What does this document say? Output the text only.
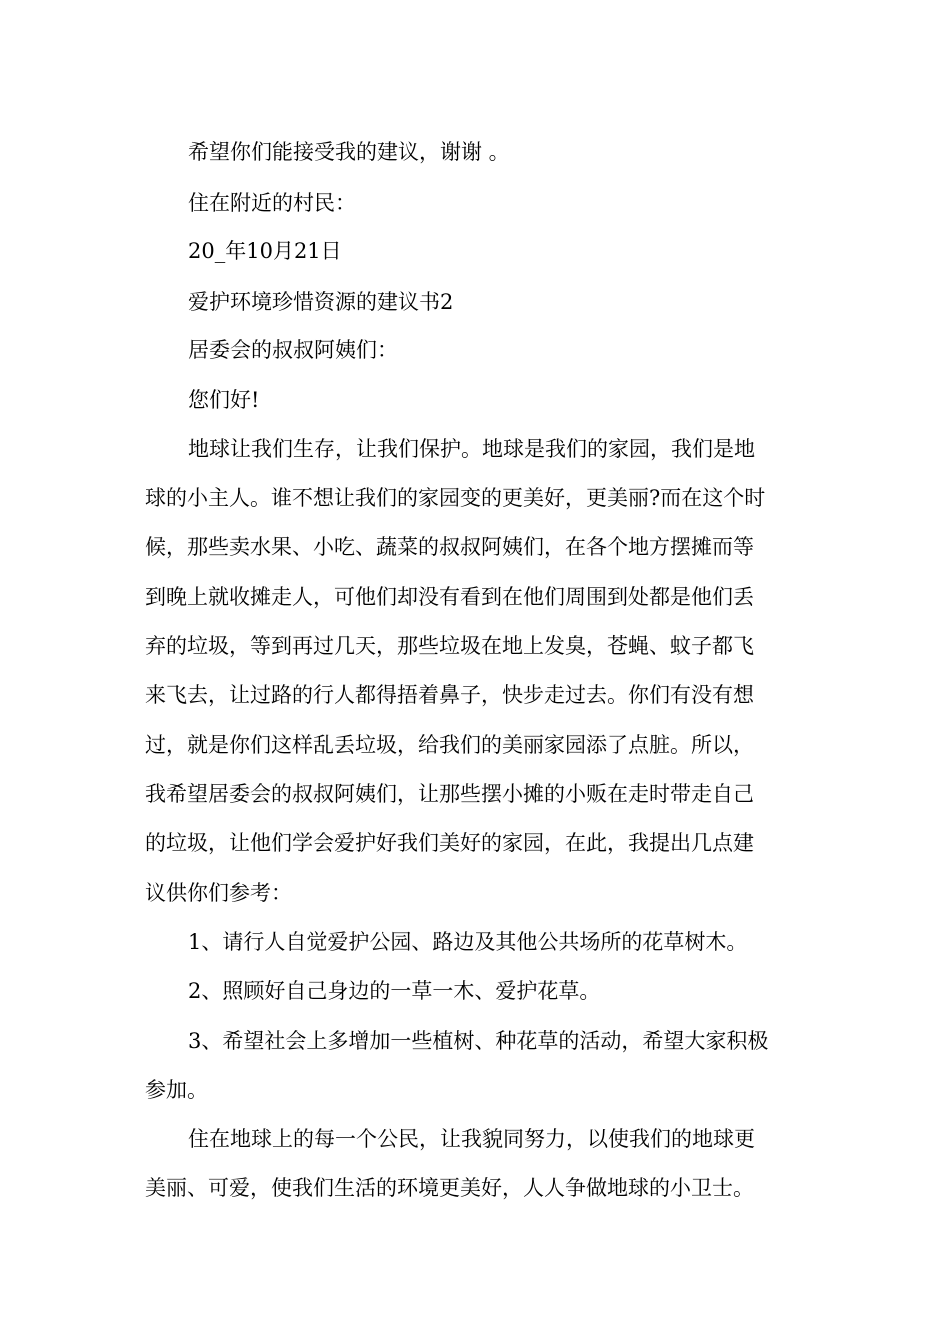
希望你们能接受我的建议，谢谢 。
住在附近的村民：
20_年10月21日
爱护环境珍惜资源的建议书2
居委会的叔叔阿姨们：
您们好!
地球让我们生存，让我们保护。地球是我们的家园，我们是地
球的小主人。谁不想让我们的家园变的更美好，更美丽?而在这个时
候，那些卖水果、小吃、蔬菜的叔叔阿姨们，在各个地方摆摊而等
到晚上就收摊走人，可他们却没有看到在他们周围到处都是他们丢
弃的垃圾，等到再过几天，那些垃圾在地上发臭，苍蝇、蚊子都飞
来飞去，让过路的行人都得捂着鼻子，快步走过去。你们有没有想
过，就是你们这样乱丢垃圾，给我们的美丽家园添了点脏。所以，
我希望居委会的叔叔阿姨们，让那些摆小摊的小贩在走时带走自己
的垃圾，让他们学会爱护好我们美好的家园，在此，我提出几点建
议供你们参考：
1、请行人自觉爱护公园、路边及其他公共场所的花草树木。
2、照顾好自己身边的一草一木、爱护花草。
3、希望社会上多增加一些植树、种花草的活动，希望大家积极
参加。
住在地球上的每一个公民，让我貌同努力，以使我们的地球更
美丽、可爱，使我们生活的环境更美好，人人争做地球的小卫士。
